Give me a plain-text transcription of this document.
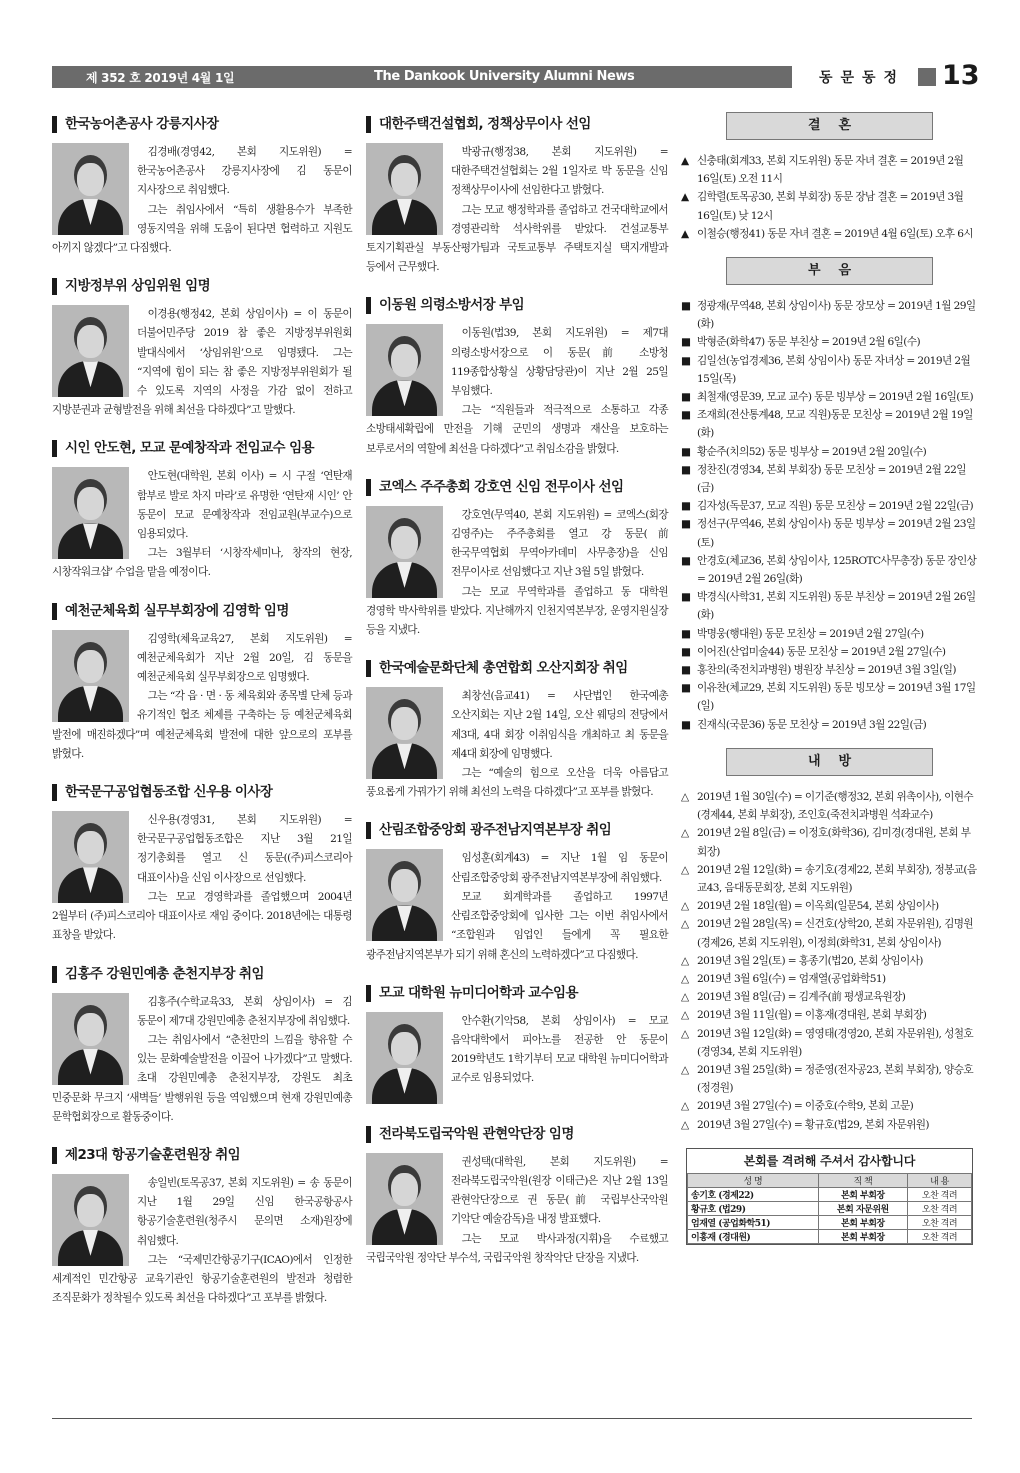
제 352 호 2019년 4월 1일	The Dankook University Alumni News	동문동정	13
한국농어촌공사 강릉지사장

김경배(경영42, 본회 지도위원) = 한국농어촌공사 강릉지사장에 김 동문이 지사장으로 취임했다.

그는 취임사에서 “특히 생활용수가 부족한 영동지역을 위해 도움이 된다면 협력하고 지원도 아끼지 않겠다”고 다짐했다.

지방정부위 상임위원 임명

이경용(행정42, 본회 상임이사) = 이 동문이 더불어민주당 2019 참 좋은 지방정부위원회 발대식에서 ‘상임위원’으로 임명됐다. 그는 “지역에 힘이 되는 참 좋은 지방정부위원회가 될 수 있도록 지역의 사정을 가감 없이 전하고 지방분권과 균형발전을 위해 최선을 다하겠다”고 말했다.

시인 안도현, 모교 문예창작과 전임교수 임용

안도현(대학원, 본회 이사) = 시 구절 ‘연탄재 함부로 발로 차지 마라’로 유명한 ‘연탄재 시인’ 안 동문이 모교 문예창작과 전임교원(부교수)으로 임용되었다.

그는 3월부터 ‘시창작세미나, 창작의 현장, 시창작워크샵’ 수업을 맡을 예정이다.

예천군체육회 실무부회장에 김영학 임명

김영학(체육교육27, 본회 지도위원) = 예천군체육회가 지난 2월 20일, 김 동문을 예천군체육회 실무부회장으로 임명했다.

그는 “각 읍 · 면 · 동 체육회와 종목별 단체 등과 유기적인 협조 체제를 구축하는 등 예천군체육회 발전에 매진하겠다”며 예천군체육회 발전에 대한 앞으로의 포부를 밝혔다.

한국문구공업협동조합 신우용 이사장

신우용(경영31, 본회 지도위원) = 한국문구공업협동조합은 지난 3월 21일 정기총회를 열고 신 동문((주)피스코리아 대표이사)을 신임 이사장으로 선임했다.

그는 모교 경영학과를 졸업했으며 2004년 2월부터 (주)피스코리아 대표이사로 재임 중이다. 2018년에는 대통령 표창을 받았다.

김홍주 강원민예총 춘천지부장 취임

김홍주(수학교육33, 본회 상임이사) = 김 동문이 제7대 강원민예총 춘천지부장에 취임했다.

그는 취임사에서 “춘천만의 느낌을 향유할 수 있는 문화예술발전을 이끌어 나가겠다”고 말했다. 초대 강원민예총 춘천지부장, 강원도 최초 민중문화 무크지 ‘새벽들’ 발행위원 등을 역임했으며 현재 강원민예총 문학협회장으로 활동중이다.

제23대 항공기술훈련원장 취임

송일빈(토목공37, 본회 지도위원) = 송 동문이 지난 1월 29일 신임 한국공항공사 항공기술훈련원(청주시 문의면 소재)원장에 취임했다.

그는 “국제민간항공기구(ICAO)에서 인정한 세계적인 민간항공 교육기관인 항공기술훈련원의 발전과 청렴한 조직문화가 정착될수 있도록 최선을 다하겠다”고 포부를 밝혔다.

대한주택건설협회, 정책상무이사 선임

박광규(행정38, 본회 지도위원) = 대한주택건설협회는 2월 1일자로 박 동문을 신임 정책상무이사에 선임한다고 밝혔다.

그는 모교 행정학과를 졸업하고 건국대학교에서 경영관리학 석사학위를 받았다. 건설교통부 토지기획관실 부동산평가팀과 국토교통부 주택토지실 택지개발과 등에서 근무했다.

이동원 의령소방서장 부임

이동원(법39, 본회 지도위원) = 제7대 의령소방서장으로 이 동문(前 소방청 119종합상황실 상황담당관)이 지난 2월 25일 부임했다.

그는 “직원들과 적극적으로 소통하고 각종 소방태세확립에 만전을 기해 군민의 생명과 재산을 보호하는 보루로서의 역할에 최선을 다하겠다”고 취임소감을 밝혔다.

코엑스 주주총회 강호연 신임 전무이사 선임

강호연(무역40, 본회 지도위원) = 코엑스(회장 김영주)는 주주총회를 열고 강 동문(前 한국무역협회 무역아카데미 사무총장)을 신임 전무이사로 선임했다고 지난 3월 5일 밝혔다.

그는 모교 무역학과를 졸업하고 동 대학원 경영학 박사학위를 받았다. 지난해까지 인천지역본부장, 운영지원실장 등을 지냈다.

한국예술문화단체 총연합회 오산지회장 취임

최창선(음교41) = 사단법인 한국예총 오산지회는 지난 2월 14일, 오산 웨딩의 전당에서 제3대, 4대 회장 이취임식을 개최하고 최 동문을 제4대 회장에 임명했다.

그는 “예술의 힘으로 오산을 더욱 아름답고 풍요롭게 가꿔가기 위해 최선의 노력을 다하겠다”고 포부를 밝혔다.

산림조합중앙회 광주전남지역본부장 취임

임성훈(회계43) = 지난 1월 임 동문이 산림조합중앙회 광주전남지역본부장에 취임했다.

모교 회계학과를 졸업하고 1997년 산림조합중앙회에 입사한 그는 이번 취임사에서 “조합원과 임업인 들에게 꼭 필요한 광주전남지역본부가 되기 위해 혼신의 노력하겠다”고 다짐했다.

모교 대학원 뉴미디어학과 교수임용

안수환(기악58, 본회 상임이사) = 모교 음악대학에서 피아노를 전공한 안 동문이 2019학년도 1학기부터 모교 대학원 뉴미디어학과 교수로 임용되었다.

전라북도립국악원 관현악단장 임명

권성택(대학원, 본회 지도위원) = 전라북도립국악원(원장 이태근)은 지난 2월 13일 관현악단장으로 권 동문(前 국립부산국악원 기악단 예술감독)을 내정 발표했다.

그는 모교 박사과정(지휘)을 수료했고 국립국악원 정악단 부수석, 국립국악원 창작악단 단장을 지냈다.

결혼
▲ 신충태(회계33, 본회 지도위원) 동문 자녀 결혼 = 2019년 2월 16일(토) 오전 11시
▲ 김학렬(토목공30, 본회 부회장) 동문 장남 결혼 = 2019년 3월 16일(토) 낮 12시
▲ 이철승(행정41) 동문 자녀 결혼 = 2019년 4월 6일(토) 오후 6시
부음
■ 정광재(무역48, 본회 상임이사) 동문 장모상 = 2019년 1월 29일(화)
■ 박형준(화학47) 동문 부친상 = 2019년 2월 6일(수)
■ 김일선(농업경제36, 본회 상임이사) 동문 자녀상 = 2019년 2월 15일(목)
■ 최철재(영문39, 모교 교수) 동문 빙부상 = 2019년 2월 16일(토)
■ 조재희(전산통계48, 모교 직원)동문 모친상 = 2019년 2월 19일(화)
■ 황순주(치의52) 동문 빙부상 = 2019년 2월 20일(수)
■ 정찬진(경영34, 본회 부회장) 동문 모친상 = 2019년 2월 22일(금)
■ 김자성(독문37, 모교 직원) 동문 모친상 = 2019년 2월 22일(금)
■ 정선구(무역46, 본회 상임이사) 동문 빙부상 = 2019년 2월 23일(토)
■ 안경호(체교36, 본회 상임이사, 125ROTC사무총장) 동문 장인상 = 2019년 2월 26일(화)
■ 박경식(사학31, 본회 지도위원) 동문 부친상 = 2019년 2월 26일(화)
■ 박명웅(행대원) 동문 모친상 = 2019년 2월 27일(수)
■ 이어진(산업미술44) 동문 모친상 = 2019년 2월 27일(수)
■ 홍찬의(죽전치과병원) 병원장 부친상 = 2019년 3월 3일(일)
■ 이유찬(체교29, 본회 지도위원) 동문 빙모상 = 2019년 3월 17일(일)
■ 진재식(국문36) 동문 모친상 = 2019년 3월 22일(금)
내방
△ 2019년 1월 30일(수) = 이기준(행정32, 본회 위촉이사), 이현수(경제44, 본회 부회장), 조인호(죽전치과병원 석좌교수)
△ 2019년 2월 8일(금) = 이정호(화학36), 김미경(경대원, 본회 부회장)
△ 2019년 2월 12일(화) = 송기호(경제22, 본회 부회장), 정봉교(음교43, 음대동문회장, 본회 지도위원)
△ 2019년 2월 18일(월) = 이옥희(일문54, 본회 상임이사)
△ 2019년 2월 28일(목) = 신건호(상학20, 본회 자문위원), 김명원(경제26, 본회 지도위원), 이정희(화학31, 본회 상임이사)
△ 2019년 3월 2일(토) = 홍종기(법20, 본회 상임이사)
△ 2019년 3월 6일(수) = 엄재열(공업화학51)
△ 2019년 3월 8일(금) = 김계주(前 평생교육원장)
△ 2019년 3월 11일(월) = 이홍재(경대원, 본회 부회장)
△ 2019년 3월 12일(화) = 영영태(경영20, 본회 자문위원), 성철호(경영34, 본회 지도위원)
△ 2019년 3월 25일(화) = 정준영(전자공23, 본회 부회장), 양승호(정경원)
△ 2019년 3월 27일(수) = 이중호(수학9, 본회 고문)
△ 2019년 3월 27일(수) = 황규호(법29, 본회 자문위원)
본회를 격려해 주셔서 감사합니다
성 명	직 책	내 용
송기호 (경제22)	본회 부회장	오찬 격려
황규호 (법29)	본회 자문위원	오찬 격려
엄재열 (공업화학51)	본회 부회장	오찬 격려
이홍재 (경대원)	본회 부회장	오찬 격려
